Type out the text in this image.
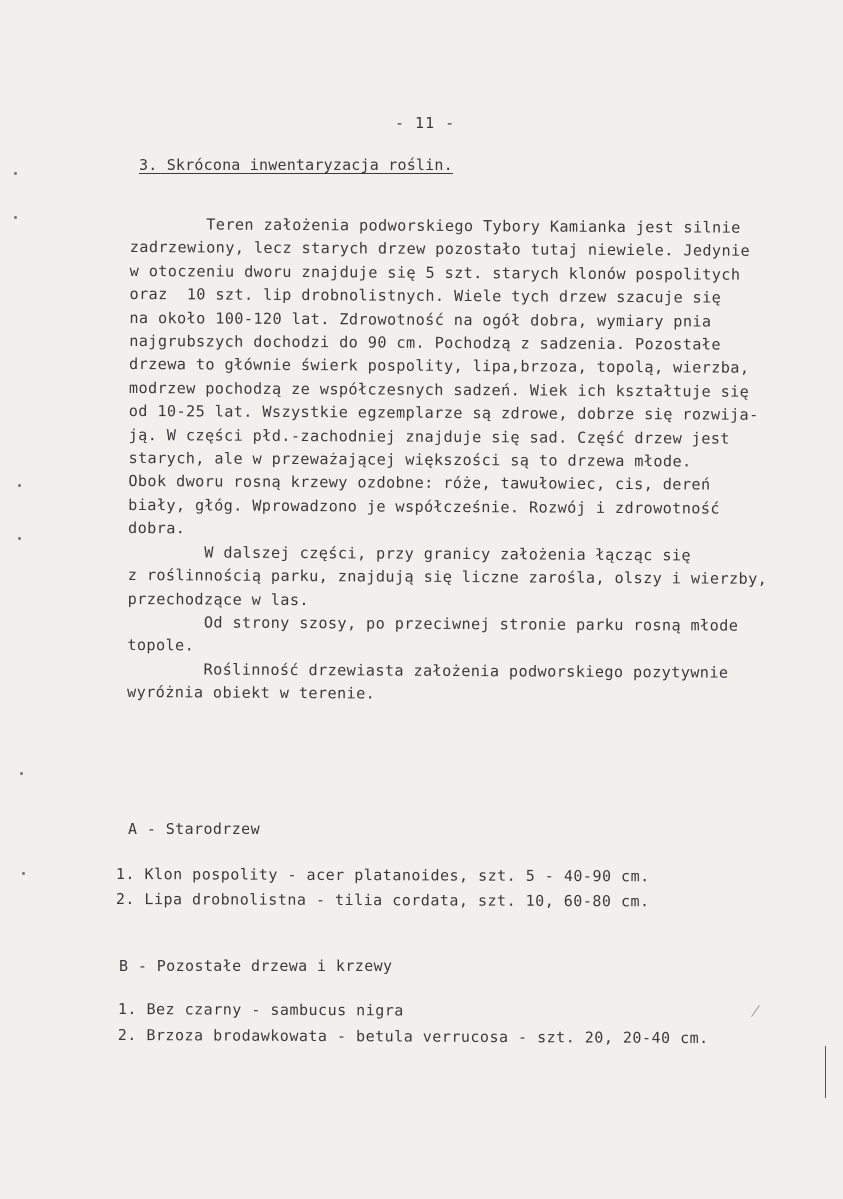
- 11 -
3. Skrócona inwentaryzacja roślin.

Teren założenia podworskiego Tybory Kamianka jest silnie

zadrzewiony, lecz starych drzew pozostało tutaj niewiele. Jedynie

w otoczeniu dworu znajduje się 5 szt. starych klonów pospolitych

oraz  10 szt. lip drobnolistnych. Wiele tych drzew szacuje się

na około 100-120 lat. Zdrowotność na ogół dobra, wymiary pnia

najgrubszych dochodzi do 90 cm. Pochodzą z sadzenia. Pozostałe

drzewa to głównie świerk pospolity, lipa,brzoza, topolą, wierzba,

modrzew pochodzą ze współczesnych sadzeń. Wiek ich kształtuje się

od 10-25 lat. Wszystkie egzemplarze są zdrowe, dobrze się rozwija-

ją. W części płd.-zachodniej znajduje się sad. Część drzew jest

starych, ale w przeważającej większości są to drzewa młode.

Obok dworu rosną krzewy ozdobne: róże, tawułowiec, cis, dereń

biały, głóg. Wprowadzono je współcześnie. Rozwój i zdrowotność

dobra.

W dalszej części, przy granicy założenia łącząc się

z roślinnością parku, znajdują się liczne zarośla, olszy i wierzby,

przechodzące w las.

Od strony szosy, po przeciwnej stronie parku rosną młode

topole.

Roślinność drzewiasta założenia podworskiego pozytywnie

wyróżnia obiekt w terenie.

A - Starodrzew
1. Klon pospolity - acer platanoides, szt. 5 - 40-90 cm.
2. Lipa drobnolistna - tilia cordata, szt. 10, 60-80 cm.
B - Pozostałe drzewa i krzewy
1. Bez czarny - sambucus nigra
2. Brzoza brodawkowata - betula verrucosa - szt. 20, 20-40 cm.
